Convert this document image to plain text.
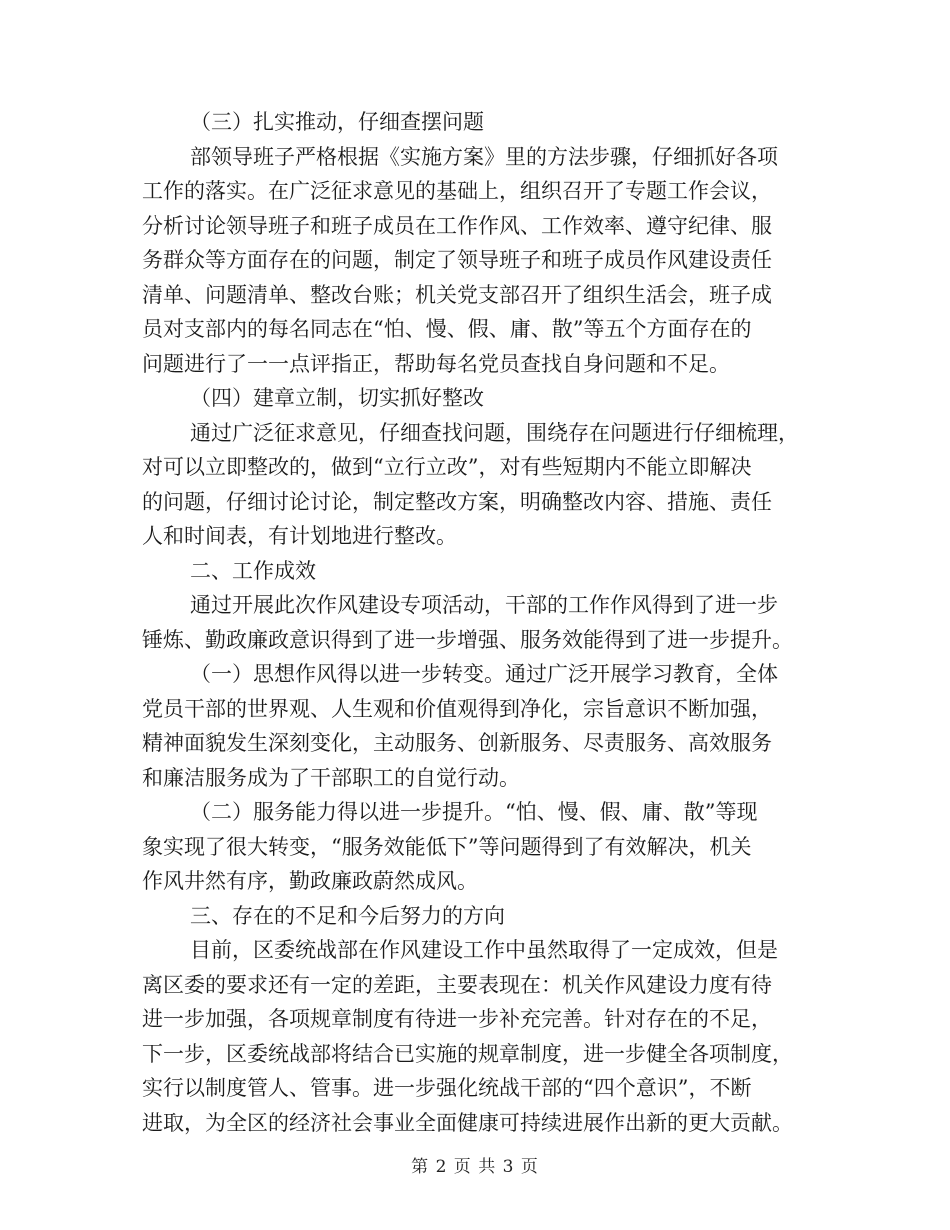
（三）扎实推动，仔细查摆问题

部领导班子严格根据《实施方案》里的方法步骤，仔细抓好各项
工作的落实。在广泛征求意见的基础上，组织召开了专题工作会议，
分析讨论领导班子和班子成员在工作作风、工作效率、遵守纪律、服
务群众等方面存在的问题，制定了领导班子和班子成员作风建设责任
清单、问题清单、整改台账；机关党支部召开了组织生活会，班子成
员对支部内的每名同志在“怕、慢、假、庸、散”等五个方面存在的
问题进行了一一点评指正，帮助每名党员查找自身问题和不足。

（四）建章立制，切实抓好整改

通过广泛征求意见，仔细查找问题，围绕存在问题进行仔细梳理，
对可以立即整改的，做到“立行立改”，对有些短期内不能立即解决
的问题，仔细讨论讨论，制定整改方案，明确整改内容、措施、责任
人和时间表，有计划地进行整改。

二、工作成效

通过开展此次作风建设专项活动，干部的工作作风得到了进一步
锤炼、勤政廉政意识得到了进一步增强、服务效能得到了进一步提升。

（一）思想作风得以进一步转变。通过广泛开展学习教育，全体
党员干部的世界观、人生观和价值观得到净化，宗旨意识不断加强，
精神面貌发生深刻变化，主动服务、创新服务、尽责服务、高效服务
和廉洁服务成为了干部职工的自觉行动。

（二）服务能力得以进一步提升。“怕、慢、假、庸、散”等现
象实现了很大转变，“服务效能低下”等问题得到了有效解决，机关
作风井然有序，勤政廉政蔚然成风。

三、存在的不足和今后努力的方向

目前，区委统战部在作风建设工作中虽然取得了一定成效，但是
离区委的要求还有一定的差距，主要表现在：机关作风建设力度有待
进一步加强，各项规章制度有待进一步补充完善。针对存在的不足，
下一步，区委统战部将结合已实施的规章制度，进一步健全各项制度，
实行以制度管人、管事。进一步强化统战干部的“四个意识”，不断
进取，为全区的经济社会事业全面健康可持续进展作出新的更大贡献。

第 2 页 共 3 页
